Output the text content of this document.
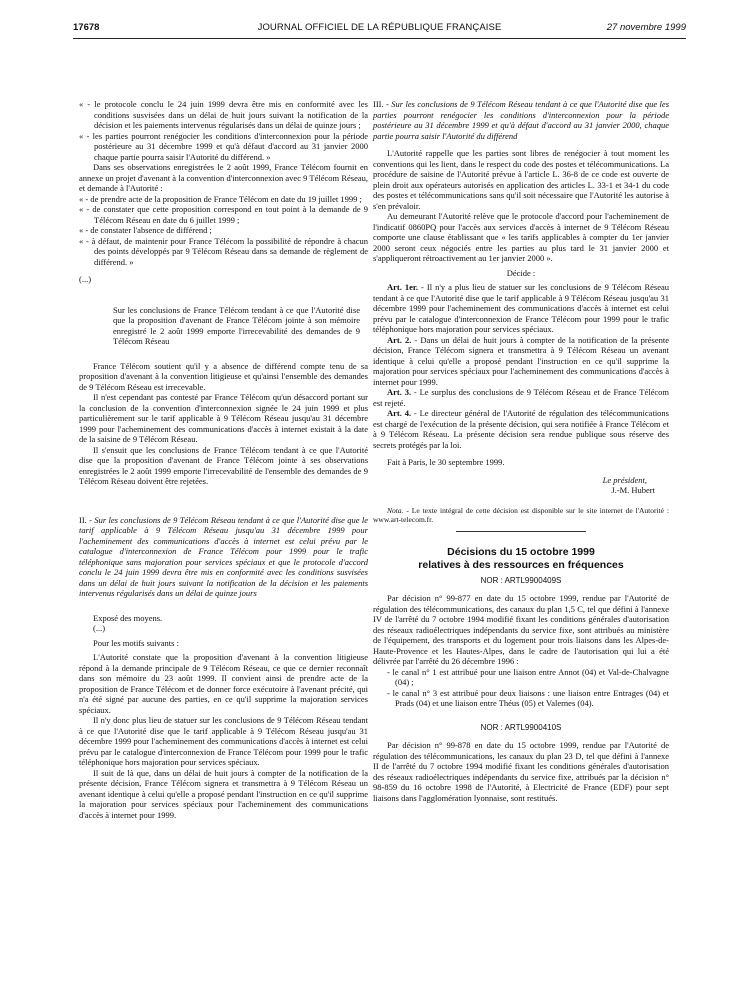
17678	JOURNAL OFFICIEL DE LA RÉPUBLIQUE FRANÇAISE	27 novembre 1999

« - le protocole conclu le 24 juin 1999 devra être mis en conformité avec les conditions susvisées dans un délai de huit jours suivant la notification de la décision et les paiements intervenus régularisés dans un délai de quinze jours ;

« - les parties pourront renégocier les conditions d'interconnexion pour la période postérieure au 31 décembre 1999 et qu'à défaut d'accord au 31 janvier 2000 chaque partie pourra saisir l'Autorité du différend. »

Dans ses observations enregistrées le 2 août 1999, France Télécom fournit en annexe un projet d'avenant à la convention d'interconnexion avec 9 Télécom Réseau, et demande à l'Autorité :

« - de prendre acte de la proposition de France Télécom en date du 19 juillet 1999 ;

« - de constater que cette proposition correspond en tout point à la demande de 9 Télécom Réseau en date du 6 juillet 1999 ;

« - de constater l'absence de différend ;

« - à défaut, de maintenir pour France Télécom la possibilité de répondre à chacun des points développés par 9 Télécom Réseau dans sa demande de règlement de différend. »

(...)

Sur les conclusions de France Télécom tendant à ce que l'Autorité dise que la proposition d'avenant de France Télécom jointe à son mémoire enregistré le 2 août 1999 emporte l'irrecevabilité des demandes de 9 Télécom Réseau

France Télécom soutient qu'il y a absence de différend compte tenu de sa proposition d'avenant à la convention litigieuse et qu'ainsi l'ensemble des demandes de 9 Télécom Réseau est irrecevable.

Il n'est cependant pas contesté par France Télécom qu'un désaccord portant sur la conclusion de la convention d'interconnexion signée le 24 juin 1999 et plus particulièrement sur le tarif applicable à 9 Télécom Réseau jusqu'au 31 décembre 1999 pour l'acheminement des communications d'accès à internet existait à la date de la saisine de 9 Télécom Réseau.

Il s'ensuit que les conclusions de France Télécom tendant à ce que l'Autorité dise que la proposition d'avenant de France Télécom jointe à ses observations enregistrées le 2 août 1999 emporte l'irrecevabilité de l'ensemble des demandes de 9 Télécom Réseau doivent être rejetées.

II. - Sur les conclusions de 9 Télécom Réseau tendant à ce que l'Autorité dise que le tarif applicable à 9 Télécom Réseau jusqu'au 31 décembre 1999 pour l'acheminement des communications d'accès à internet est celui prévu par le catalogue d'interconnexion de France Télécom pour 1999 pour le trafic téléphonique sans majoration pour services spéciaux et que le protocole d'accord conclu le 24 juin 1999 devra être mis en conformité avec les conditions susvisées dans un délai de huit jours suivant la notification de la décision et les paiements intervenus régularisés dans un délai de quinze jours

Exposé des moyens.

(...)

Pour les motifs suivants :

L'Autorité constate que la proposition d'avenant à la convention litigieuse répond à la demande principale de 9 Télécom Réseau, ce que ce dernier reconnaît dans son mémoire du 23 août 1999. Il convient ainsi de prendre acte de la proposition de France Télécom et de donner force exécutoire à l'avenant précité, qui n'a été signé par aucune des parties, en ce qu'il supprime la majoration services spéciaux.

Il n'y donc plus lieu de statuer sur les conclusions de 9 Télécom Réseau tendant à ce que l'Autorité dise que le tarif applicable à 9 Télécom Réseau jusqu'au 31 décembre 1999 pour l'acheminement des communications d'accès à internet est celui prévu par le catalogue d'interconnexion de France Télécom pour 1999 pour le trafic téléphonique hors majoration pour services spéciaux.

Il suit de là que, dans un délai de huit jours à compter de la notification de la présente décision, France Télécom signera et transmettra à 9 Télécom Réseau un avenant identique à celui qu'elle a proposé pendant l'instruction en ce qu'il supprime la majoration pour services spéciaux pour l'acheminement des communications d'accès à internet pour 1999.

III. - Sur les conclusions de 9 Télécom Réseau tendant à ce que l'Autorité dise que les parties pourront renégocier les conditions d'interconnexion pour la période postérieure au 31 décembre 1999 et qu'à défaut d'accord au 31 janvier 2000, chaque partie pourra saisir l'Autorité du différend

L'Autorité rappelle que les parties sont libres de renégocier à tout moment les conventions qui les lient, dans le respect du code des postes et télécommunications. La procédure de saisine de l'Autorité prévue à l'article L. 36-8 de ce code est ouverte de plein droit aux opérateurs autorisés en application des articles L. 33-1 et 34-1 du code des postes et télécommunications sans qu'il soit nécessaire que l'Autorité les autorise à s'en prévaloir.

Au demeurant l'Autorité relève que le protocole d'accord pour l'acheminement de l'indicatif 0860PQ pour l'accès aux services d'accès à internet de 9 Télécom Réseau comporte une clause établissant que « les tarifs applicables à compter du 1er janvier 2000 seront ceux négociés entre les parties au plus tard le 31 janvier 2000 et s'appliqueront rétroactivement au 1er janvier 2000 ».

Décide :

Art. 1er. - Il n'y a plus lieu de statuer sur les conclusions de 9 Télécom Réseau tendant à ce que l'Autorité dise que le tarif applicable à 9 Télécom Réseau jusqu'au 31 décembre 1999 pour l'acheminement des communications d'accès à internet est celui prévu par le catalogue d'interconnexion de France Télécom pour 1999 pour le trafic téléphonique hors majoration pour services spéciaux.

Art. 2. - Dans un délai de huit jours à compter de la notification de la présente décision, France Télécom signera et transmettra à 9 Télécom Réseau un avenant identique à celui qu'elle a proposé pendant l'instruction en ce qu'il supprime la majoration pour services spéciaux pour l'acheminement des communications d'accès à internet pour 1999.

Art. 3. - Le surplus des conclusions de 9 Télécom Réseau et de France Télécom est rejeté.

Art. 4. - Le directeur général de l'Autorité de régulation des télécommunications est chargé de l'exécution de la présente décision, qui sera notifiée à France Télécom et à 9 Télécom Réseau. La présente décision sera rendue publique sous réserve des secrets protégés par la loi.

Fait à Paris, le 30 septembre 1999.

Le président,

J.-M. Hubert

Nota. - Le texte intégral de cette décision est disponible sur le site internet de l'Autorité : www.art-telecom.fr.

Décisions du 15 octobre 1999

relatives à des ressources en fréquences

NOR : ARTL9900409S

Par décision n° 99-877 en date du 15 octobre 1999, rendue par l'Autorité de régulation des télécommunications, des canaux du plan 1,5 C, tel que défini à l'annexe IV de l'arrêté du 7 octobre 1994 modifié fixant les conditions générales d'autorisation des réseaux radioélectriques indépendants du service fixe, sont attribués au ministère de l'équipement, des transports et du logement pour trois liaisons dans les Alpes-de-Haute-Provence et les Hautes-Alpes, dans le cadre de l'autorisation qui lui a été délivrée par l'arrêté du 26 décembre 1996 :

- le canal n° 1 est attribué pour une liaison entre Annot (04) et Val-de-Chalvagne (04) ;

- le canal n° 3 est attribué pour deux liaisons : une liaison entre Entrages (04) et Prads (04) et une liaison entre Théus (05) et Valernes (04).

NOR : ARTL9900410S

Par décision n° 99-878 en date du 15 octobre 1999, rendue par l'Autorité de régulation des télécommunications, les canaux du plan 23 D, tel que défini à l'annexe II de l'arrêté du 7 octobre 1994 modifié fixant les conditions générales d'autorisation des réseaux radioélectriques indépendants du service fixe, attribués par la décision n° 98-859 du 16 octobre 1998 de l'Autorité, à Electricité de France (EDF) pour sept liaisons dans l'agglomération lyonnaise, sont restitués.
